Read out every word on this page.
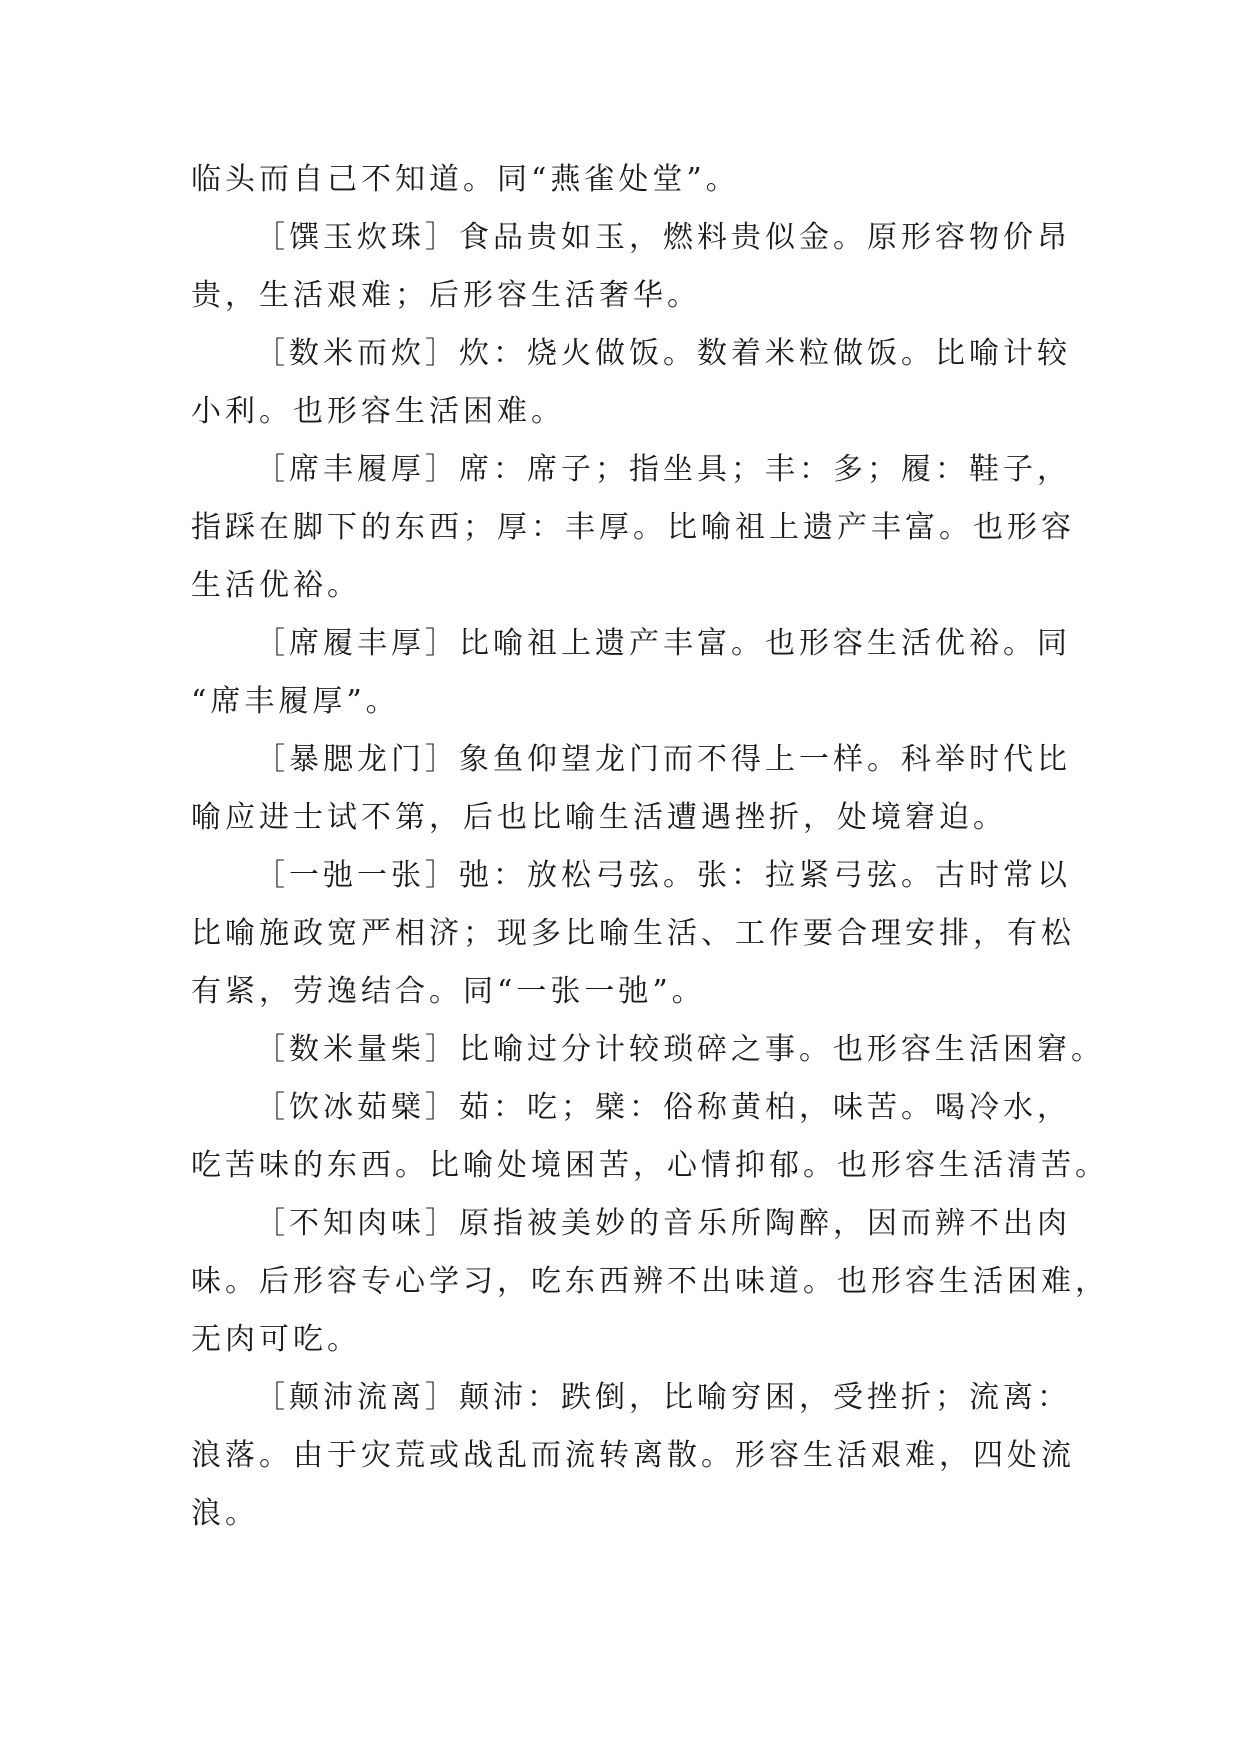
临头而自己不知道。同“燕雀处堂”。
［馔玉炊珠］食品贵如玉，燃料贵似金。原形容物价昂
贵，生活艰难；后形容生活奢华。
［数米而炊］炊：烧火做饭。数着米粒做饭。比喻计较
小利。也形容生活困难。
［席丰履厚］席：席子；指坐具；丰：多；履：鞋子，
指踩在脚下的东西；厚：丰厚。比喻祖上遗产丰富。也形容
生活优裕。
［席履丰厚］比喻祖上遗产丰富。也形容生活优裕。同
“席丰履厚”。
［暴腮龙门］象鱼仰望龙门而不得上一样。科举时代比
喻应进士试不第，后也比喻生活遭遇挫折，处境窘迫。
［一弛一张］弛：放松弓弦。张：拉紧弓弦。古时常以
比喻施政宽严相济；现多比喻生活、工作要合理安排，有松
有紧，劳逸结合。同“一张一弛”。
［数米量柴］比喻过分计较琐碎之事。也形容生活困窘。
［饮冰茹檗］茹：吃；檗：俗称黄柏，味苦。喝冷水，
吃苦味的东西。比喻处境困苦，心情抑郁。也形容生活清苦。
［不知肉味］原指被美妙的音乐所陶醉，因而辨不出肉
味。后形容专心学习，吃东西辨不出味道。也形容生活困难，
无肉可吃。
［颠沛流离］颠沛：跌倒，比喻穷困，受挫折；流离：
浪落。由于灾荒或战乱而流转离散。形容生活艰难，四处流
浪。
